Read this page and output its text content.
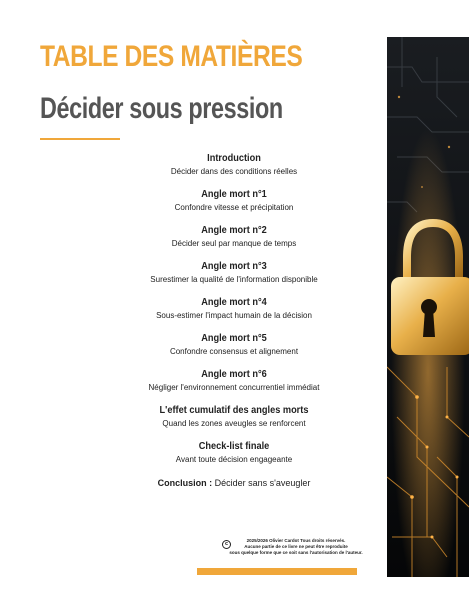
TABLE DES MATIÈRES
Décider sous pression
Introduction
Décider dans des conditions réelles
Angle mort n°1
Confondre vitesse et précipitation
Angle mort n°2
Décider seul par manque de temps
Angle mort n°3
Surestimer la qualité de l'information disponible
Angle mort n°4
Sous-estimer l'impact humain de la décision
Angle mort n°5
Confondre consensus et alignement
Angle mort n°6
Négliger l'environnement concurrentiel immédiat
L'effet cumulatif des angles morts
Quand les zones aveugles se renforcent
Check-list finale
Avant toute décision engageante
Conclusion : Décider sans s'aveugler
c
2025/2026 Olivier Cardot Tous droits réservés.
Aucune partie de ce livre ne peut être reproduite
sous quelque forme que ce soit sans l'autorisation de l'auteur.
